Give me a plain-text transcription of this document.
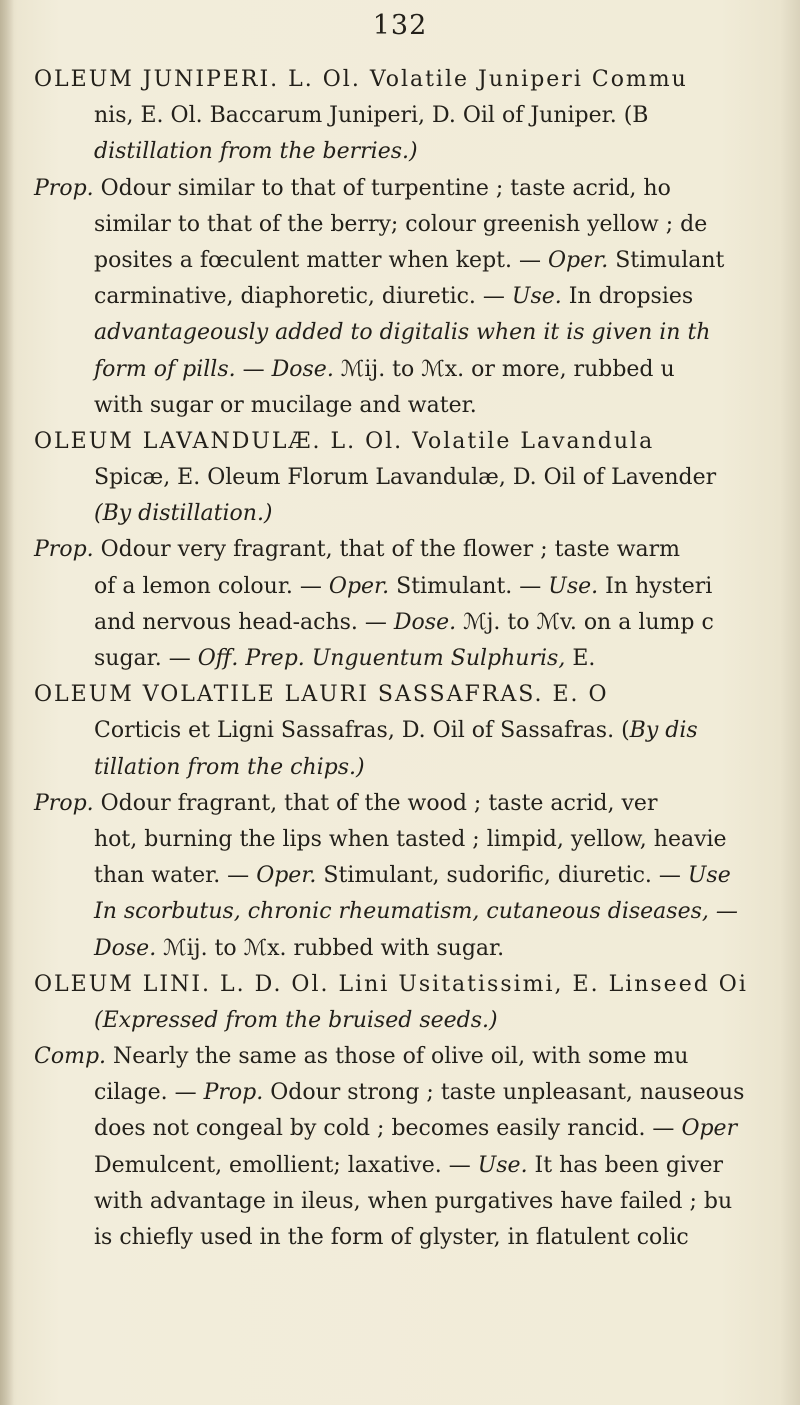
132
OLEUM JUNIPERI. L. Ol. Volatile Juniperi Commu
nis, E. Ol. Baccarum Juniperi, D. Oil of Juniper. (B
distillation from the berries.)
Prop. Odour similar to that of turpentine ; taste acrid, ho
similar to that of the berry; colour greenish yellow ; de
posites a fœculent matter when kept. — Oper. Stimulant
carminative, diaphoretic, diuretic. — Use. In dropsies
advantageously added to digitalis when it is given in th
form of pills. — Dose. ℳij. to ℳx. or more, rubbed u
with sugar or mucilage and water.
OLEUM LAVANDULÆ. L. Ol. Volatile Lavandula
Spicæ, E. Oleum Florum Lavandulæ, D. Oil of Lavender
(By distillation.)
Prop. Odour very fragrant, that of the flower ; taste warm
of a lemon colour. — Oper. Stimulant. — Use. In hysteri
and nervous head-achs. — Dose. ℳj. to ℳv. on a lump c
sugar. — Off. Prep. Unguentum Sulphuris, E.
OLEUM VOLATILE LAURI SASSAFRAS. E. O
Corticis et Ligni Sassafras, D. Oil of Sassafras. (By dis
tillation from the chips.)
Prop. Odour fragrant, that of the wood ; taste acrid, ver
hot, burning the lips when tasted ; limpid, yellow, heavie
than water. — Oper. Stimulant, sudorific, diuretic. — Use
In scorbutus, chronic rheumatism, cutaneous diseases, —
Dose. ℳij. to ℳx. rubbed with sugar.
OLEUM LINI. L. D. Ol. Lini Usitatissimi, E. Linseed Oi
(Expressed from the bruised seeds.)
Comp. Nearly the same as those of olive oil, with some mu
cilage. — Prop. Odour strong ; taste unpleasant, nauseous
does not congeal by cold ; becomes easily rancid. — Oper
Demulcent, emollient; laxative. — Use. It has been giver
with advantage in ileus, when purgatives have failed ; bu
is chiefly used in the form of glyster, in flatulent colic
